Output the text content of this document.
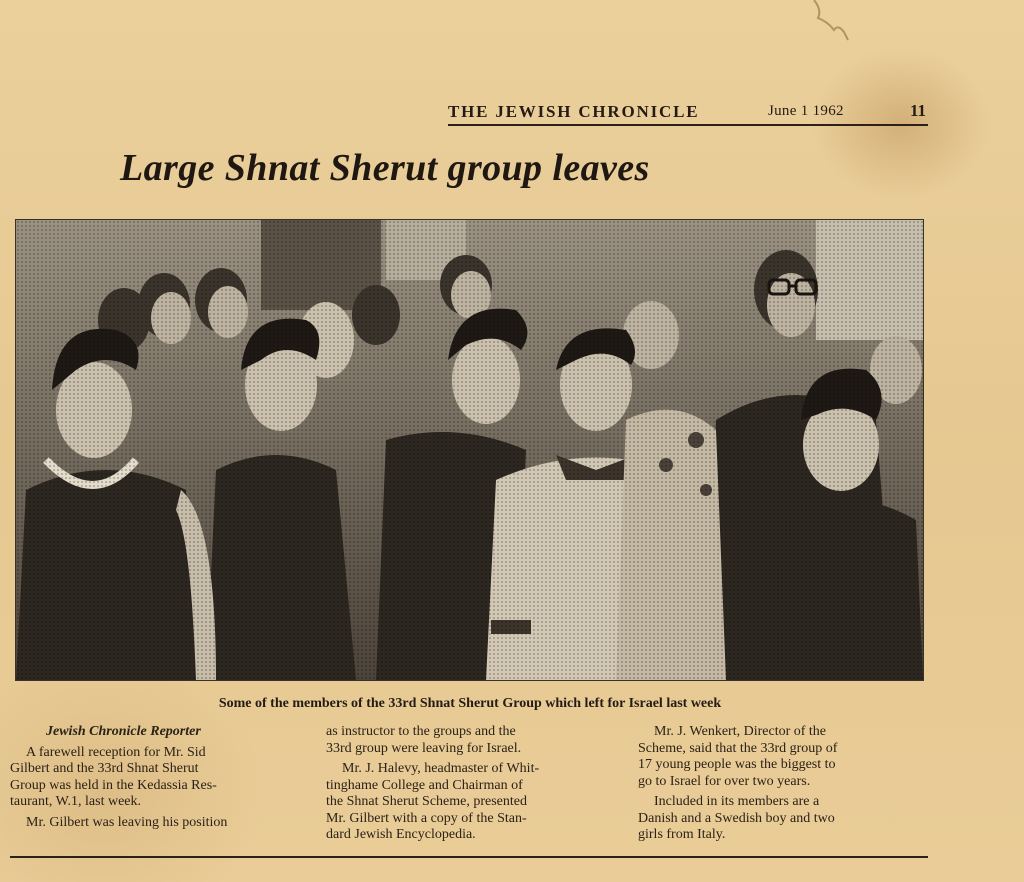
THE JEWISH CHRONICLE	June 1 1962	11
Large Shnat Sherut group leaves
Some of the members of the 33rd Shnat Sherut Group which left for Israel last week
Jewish Chronicle Reporter
A farewell reception for Mr. Sid
Gilbert and the 33rd Shnat Sherut
Group was held in the Kedassia Res-
taurant, W.1, last week.
Mr. Gilbert was leaving his position
as instructor to the groups and the
33rd group were leaving for Israel.
Mr. J. Halevy, headmaster of Whit-
tinghame College and Chairman of
the Shnat Sherut Scheme, presented
Mr. Gilbert with a copy of the Stan-
dard Jewish Encyclopedia.
Mr. J. Wenkert, Director of the
Scheme, said that the 33rd group of
17 young people was the biggest to
go to Israel for over two years.
Included in its members are a
Danish and a Swedish boy and two
girls from Italy.
